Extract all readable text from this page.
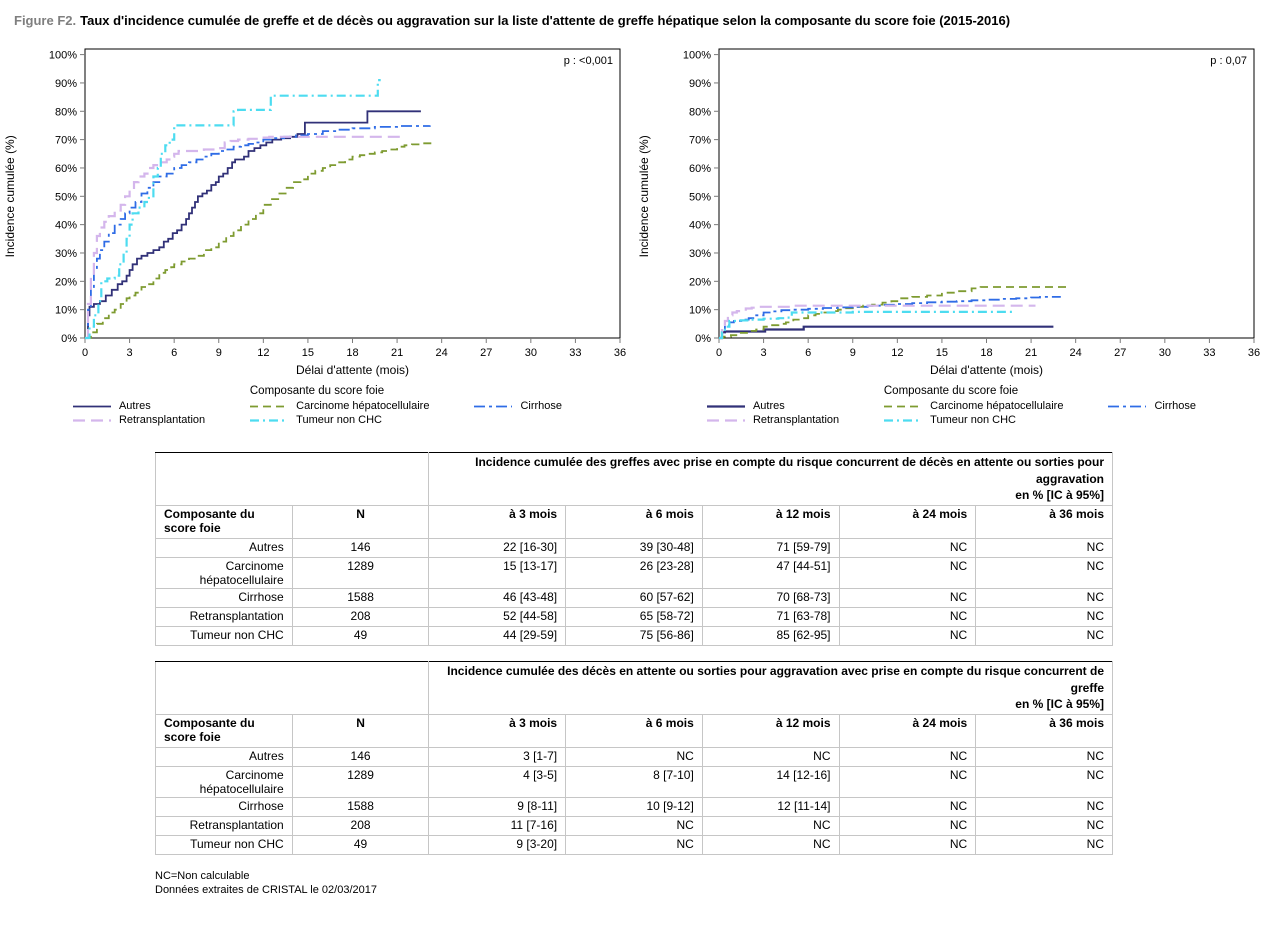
Figure F2. Taux d'incidence cumulée de greffe et de décès ou aggravation sur la liste d'attente de greffe hépatique selon la composante du score foie (2015-2016)
0%
10%
20%
30%
40%
50%
60%
70%
80%
90%
100%
0	3	6	9	12	15	18	21	24	27	30	33	36
Incidence cumulée (%)
Délai d'attente (mois)
p : <0,001
Composante du score foie
Autres	Carcinome hépatocellulaire	Cirrhose
Retransplantation	Tumeur non CHC
0%
10%
20%
30%
40%
50%
60%
70%
80%
90%
100%
0	3	6	9	12	15	18	21	24	27	30	33	36
Incidence cumulée (%)
Délai d'attente (mois)
p : 0,07
Composante du score foie
Autres	Carcinome hépatocellulaire	Cirrhose
Retransplantation	Tumeur non CHC

		Incidence cumulée des greffes avec prise en compte du risque concurrent de décès en attente ou sorties pour aggravation
en % [IC à 95%]				

Composante du score foie	N	à 3 mois	à 6 mois	à 12 mois	à 24 mois	à 36 mois
Autres	146	22 [16-30]	39 [30-48]	71 [59-79]	NC	NC
Carcinome hépatocellulaire	1289	15 [13-17]	26 [23-28]	47 [44-51]	NC	NC
Cirrhose	1588	46 [43-48]	60 [57-62]	70 [68-73]	NC	NC
Retransplantation	208	52 [44-58]	65 [58-72]	71 [63-78]	NC	NC
Tumeur non CHC	49	44 [29-59]	75 [56-86]	85 [62-95]	NC	NC

		Incidence cumulée des décès en attente ou sorties pour aggravation avec prise en compte du risque concurrent de greffe
en % [IC à 95%]				

Composante du score foie	N	à 3 mois	à 6 mois	à 12 mois	à 24 mois	à 36 mois
Autres	146	3 [1-7]	NC	NC	NC	NC
Carcinome hépatocellulaire	1289	4 [3-5]	8 [7-10]	14 [12-16]	NC	NC
Cirrhose	1588	9 [8-11]	10 [9-12]	12 [11-14]	NC	NC
Retransplantation	208	11 [7-16]	NC	NC	NC	NC
Tumeur non CHC	49	9 [3-20]	NC	NC	NC	NC
NC=Non calculable
Données extraites de CRISTAL le 02/03/2017
